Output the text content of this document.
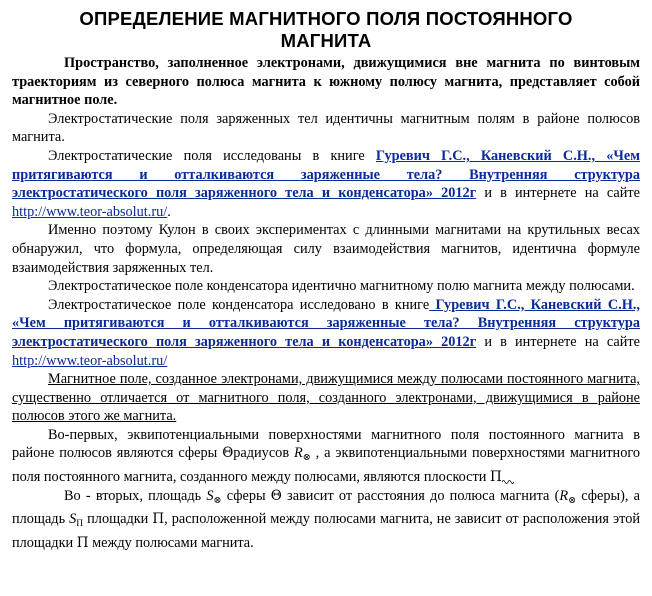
ОПРЕДЕЛЕНИЕ МАГНИТНОГО ПОЛЯ ПОСТОЯННОГО
МАГНИТА

Пространство, заполненное электронами, движущимися вне магнита по винтовым траекториям из северного полюса магнита к южному полюсу магнита, представляет собой магнитное поле.

Электростатические поля заряженных тел идентичны магнитным полям в районе полюсов магнита.

Электростатические поля исследованы в книге Гуревич Г.С., Каневский С.Н., «Чем притягиваются и отталкиваются заряженные тела? Внутренняя структура электростатического поля заряженного тела и конденсатора» 2012г и в интернете на сайте http://www.teor-absolut.ru/.

Именно поэтому Кулон в своих экспериментах с длинными магнитами на крутильных весах обнаружил, что формула, определяющая силу взаимодействия магнитов, идентична формуле взаимодействия заряженных тел.

Электростатическое поле конденсатора идентично магнитному полю магнита между полюсами.

Электростатическое поле конденсатора исследовано в книге Гуревич Г.С., Каневский С.Н., «Чем притягиваются и отталкиваются заряженные тела? Внутренняя структура электростатического поля заряженного тела и конденсатора» 2012г и в интернете на сайте http://www.teor-absolut.ru/

Магнитное поле, созданное электронами, движущимися между полюсами постоянного магнита, существенно отличается от магнитного поля, созданного электронами, движущимися в районе полюсов этого же магнита.

Во-первых, эквипотенциальными поверхностями магнитного поля постоянного магнита в районе полюсов являются сферы Θрадиусов $R_\otimes$ , а эквипотенциальными поверхностями магнитного поля постоянного магнита, созданного между полюсами, являются плоскости Π

Во - вторых, площадь $S_\otimes$ сферы Θ зависит от расстояния до полюса магнита ($R_\otimes$ сферы), а площадь $S_П$ площадки Π, расположенной между полюсами магнита, не зависит от расположения этой площадки Π между полюсами магнита.
